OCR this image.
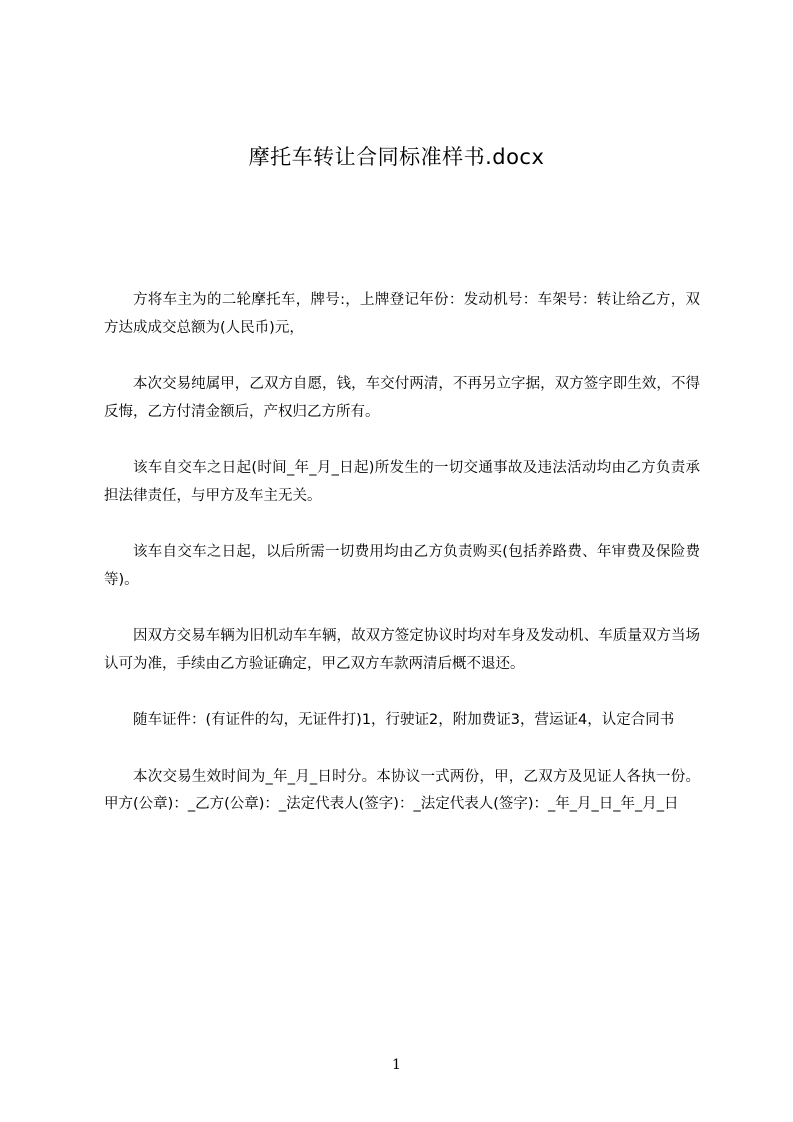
摩托车转让合同标准样书.docx

方将车主为的二轮摩托车，牌号:，上牌登记年份：发动机号：车架号：转让给乙方，双方达成成交总额为(人民币)元，

本次交易纯属甲，乙双方自愿，钱，车交付两清，不再另立字据，双方签字即生效，不得反悔，乙方付清金额后，产权归乙方所有。

该车自交车之日起(时间_年_月_日起)所发生的一切交通事故及违法活动均由乙方负责承担法律责任，与甲方及车主无关。

该车自交车之日起，以后所需一切费用均由乙方负责购买(包括养路费、年审费及保险费等)。

因双方交易车辆为旧机动车车辆，故双方签定协议时均对车身及发动机、车质量双方当场认可为准，手续由乙方验证确定，甲乙双方车款两清后概不退还。

随车证件：(有证件的勾，无证件打)1，行驶证2，附加费证3，营运证4，认定合同书

本次交易生效时间为_年_月_日时分。本协议一式两份，甲，乙双方及见证人各执一份。甲方(公章)：_乙方(公章)：_法定代表人(签字)：_法定代表人(签字)：_年_月_日_年_月_日

1
